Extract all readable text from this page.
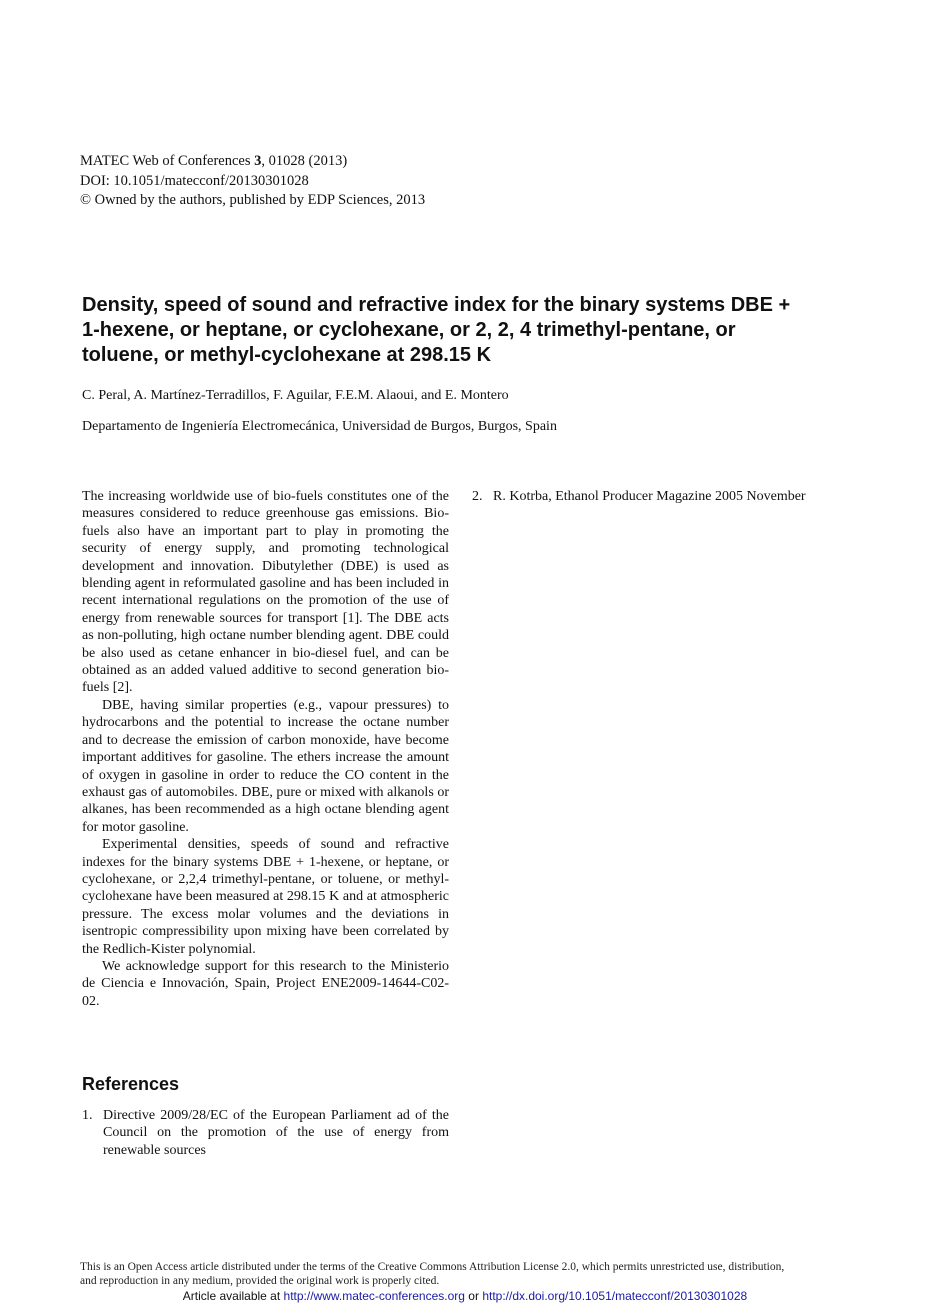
MATEC Web of Conferences 3, 01028 (2013)
DOI: 10.1051/matecconf/20130301028
© Owned by the authors, published by EDP Sciences, 2013
Density, speed of sound and refractive index for the binary systems DBE +
1-hexene, or heptane, or cyclohexane, or 2, 2, 4 trimethyl-pentane, or
toluene, or methyl-cyclohexane at 298.15 K
C. Peral, A. Martínez-Terradillos, F. Aguilar, F.E.M. Alaoui, and E. Montero
Departamento de Ingeniería Electromecánica, Universidad de Burgos, Burgos, Spain

The increasing worldwide use of bio-fuels constitutes one of the measures considered to reduce greenhouse gas emissions. Bio-fuels also have an important part to play in promoting the security of energy supply, and promoting technological development and innovation. Dibutylether (DBE) is used as blending agent in reformulated gasoline and has been included in recent international regulations on the promotion of the use of energy from renewable sources for transport [1]. The DBE acts as non-polluting, high octane number blending agent. DBE could be also used as cetane enhancer in bio-diesel fuel, and can be obtained as an added valued additive to second generation bio-fuels [2].

DBE, having similar properties (e.g., vapour pressures) to hydrocarbons and the potential to increase the octane number and to decrease the emission of carbon monoxide, have become important additives for gasoline. The ethers increase the amount of oxygen in gasoline in order to reduce the CO content in the exhaust gas of automobiles. DBE, pure or mixed with alkanols or alkanes, has been recommended as a high octane blending agent for motor gasoline.

Experimental densities, speeds of sound and refractive indexes for the binary systems DBE + 1-hexene, or heptane, or cyclohexane, or 2,2,4 trimethyl-pentane, or toluene, or methyl-cyclohexane have been measured at 298.15 K and at atmospheric pressure. The excess molar volumes and the deviations in isentropic compressibility upon mixing have been correlated by the Redlich-Kister polynomial.

We acknowledge support for this research to the Ministerio de Ciencia e Innovación, Spain, Project ENE2009-14644-C02-02.

References
1. Directive 2009/28/EC of the European Parliament ad of the Council on the promotion of the use of energy from renewable sources
2. R. Kotrba, Ethanol Producer Magazine 2005 November
This is an Open Access article distributed under the terms of the Creative Commons Attribution License 2.0, which permits unrestricted use, distribution,
and reproduction in any medium, provided the original work is properly cited.
Article available at http://www.matec-conferences.org or http://dx.doi.org/10.1051/matecconf/20130301028
